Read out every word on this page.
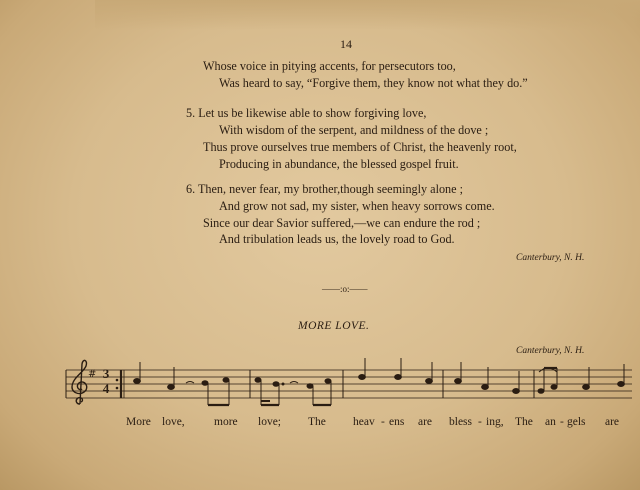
14
Whose voice in pitying accents, for persecutors too,
Was heard to say, “Forgive them, they know not what they do.”
5. Let us be likewise able to show forgiving love,
With wisdom of the serpent, and mildness of the dove ;
Thus prove ourselves true members of Christ, the heavenly root,
Producing in abundance, the blessed gospel fruit.
6. Then, never fear, my brother,though seemingly alone ;
And grow not sad, my sister, when heavy sorrows come.
Since our dear Savior suffered,—we can endure the rod ;
And tribulation leads us, the lovely road to God.
Canterbury, N. H.
——:o:——
MORE LOVE.
Canterbury, N. H.
# 3
4
More love,	more love; The heav - ens are bless - ing, The an - gels are
